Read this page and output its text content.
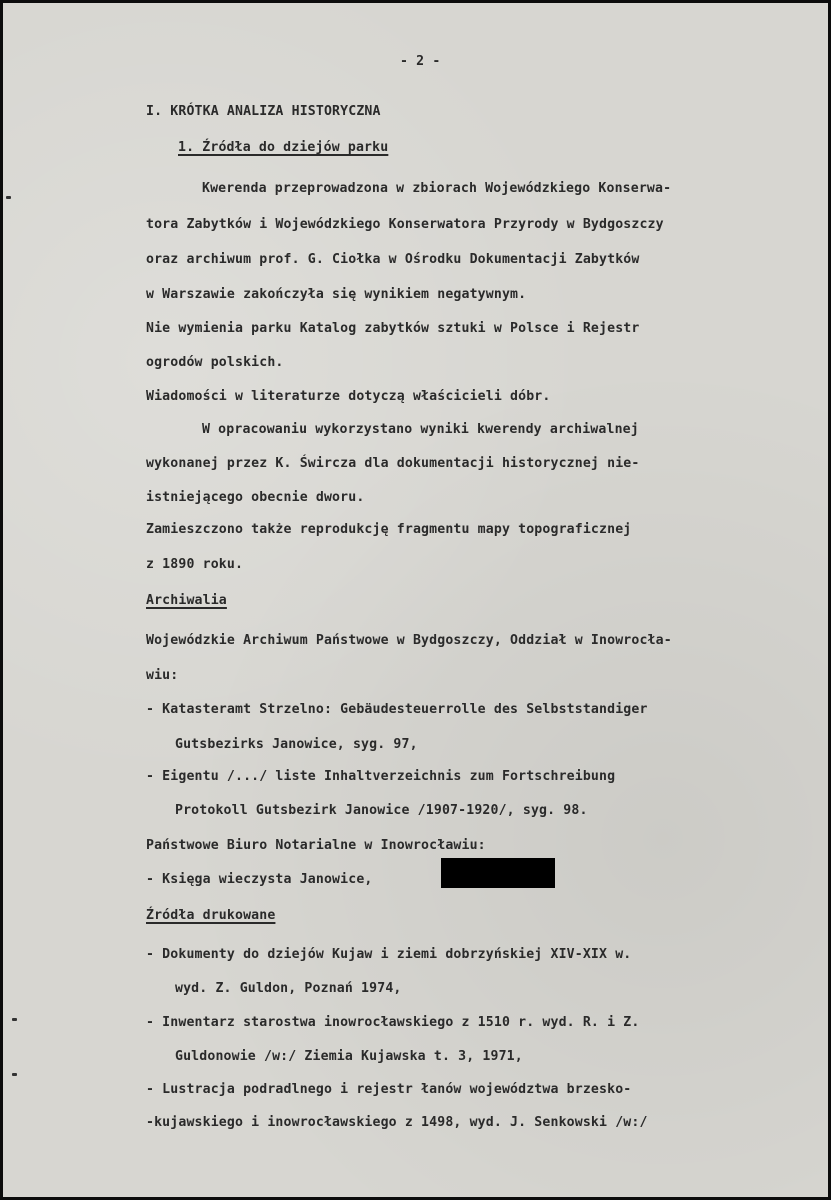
- 2 -
I. KRÓTKA ANALIZA HISTORYCZNA
1. Źródła do dziejów parku
Kwerenda przeprowadzona w zbiorach Wojewódzkiego Konserwa-
tora Zabytków i Wojewódzkiego Konserwatora Przyrody w Bydgoszczy
oraz archiwum prof. G. Ciołka w Ośrodku Dokumentacji Zabytków
w Warszawie zakończyła się wynikiem negatywnym.
Nie wymienia parku Katalog zabytków sztuki w Polsce i Rejestr
ogrodów polskich.
Wiadomości w literaturze dotyczą właścicieli dóbr.
W opracowaniu wykorzystano wyniki kwerendy archiwalnej
wykonanej przez K. Śwircza dla dokumentacji historycznej nie-
istniejącego obecnie dworu.
Zamieszczono także reprodukcję fragmentu mapy topograficznej
z 1890 roku.
Archiwalia
Wojewódzkie Archiwum Państwowe w Bydgoszczy, Oddział w Inowrocła-
wiu:
- Katasteramt Strzelno: Gebäudesteuerrolle des Selbststandiger
Gutsbezirks Janowice, syg. 97,
- Eigentu /.../ liste Inhaltverzeichnis zum Fortschreibung
Protokoll Gutsbezirk Janowice /1907-1920/, syg. 98.
Państwowe Biuro Notarialne w Inowrocławiu:
- Księga wieczysta Janowice,
Źródła drukowane
- Dokumenty do dziejów Kujaw i ziemi dobrzyńskiej XIV-XIX w.
wyd. Z. Guldon, Poznań 1974,
- Inwentarz starostwa inowrocławskiego z 1510 r. wyd. R. i Z.
Guldonowie /w:/ Ziemia Kujawska t. 3, 1971,
- Lustracja podradlnego i rejestr łanów województwa brzesko-
-kujawskiego i inowrocławskiego z 1498, wyd. J. Senkowski /w:/
